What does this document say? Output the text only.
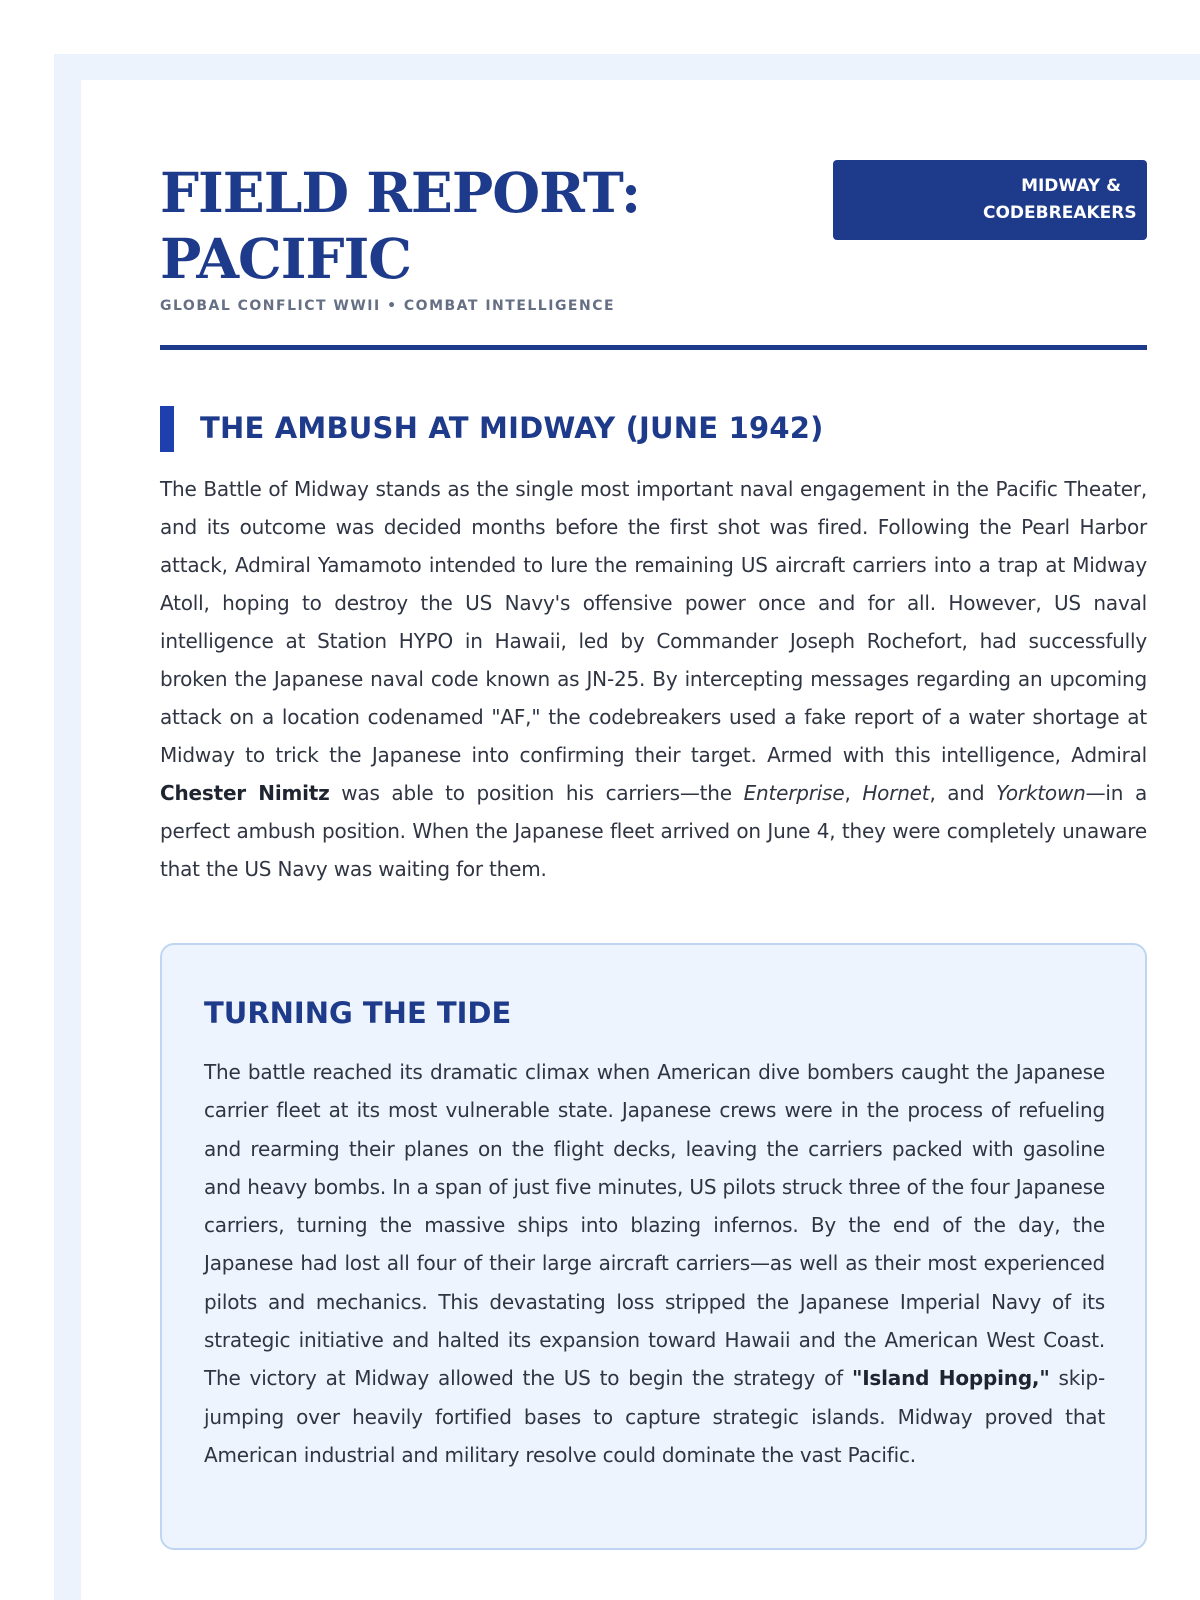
FIELD REPORT:
PACIFIC
GLOBAL CONFLICT WWII • COMBAT INTELLIGENCE
MIDWAY &
CODEBREAKERS
THE AMBUSH AT MIDWAY (JUNE 1942)

The Battle of Midway stands as the single most important naval engagement in the Pacific Theater, and its outcome was decided months before the first shot was fired. Following the Pearl Harbor attack, Admiral Yamamoto intended to lure the remaining US aircraft carriers into a trap at Midway Atoll, hoping to destroy the US Navy's offensive power once and for all. However, US naval intelligence at Station HYPO in Hawaii, led by Commander Joseph Rochefort, had successfully broken the Japanese naval code known as JN-25. By intercepting messages regarding an upcoming attack on a location codenamed "AF," the codebreakers used a fake report of a water shortage at Midway to trick the Japanese into confirming their target. Armed with this intelligence, Admiral Chester Nimitz was able to position his carriers—the Enterprise, Hornet, and Yorktown—in a perfect ambush position. When the Japanese fleet arrived on June 4, they were completely unaware that the US Navy was waiting for them.

TURNING THE TIDE

The battle reached its dramatic climax when American dive bombers caught the Japanese carrier fleet at its most vulnerable state. Japanese crews were in the process of refueling and rearming their planes on the flight decks, leaving the carriers packed with gasoline and heavy bombs. In a span of just five minutes, US pilots struck three of the four Japanese carriers, turning the massive ships into blazing infernos. By the end of the day, the Japanese had lost all four of their large aircraft carriers—as well as their most experienced pilots and mechanics. This devastating loss stripped the Japanese Imperial Navy of its strategic initiative and halted its expansion toward Hawaii and the American West Coast. The victory at Midway allowed the US to begin the strategy of "Island Hopping," skip-jumping over heavily fortified bases to capture strategic islands. Midway proved that American industrial and military resolve could dominate the vast Pacific.
